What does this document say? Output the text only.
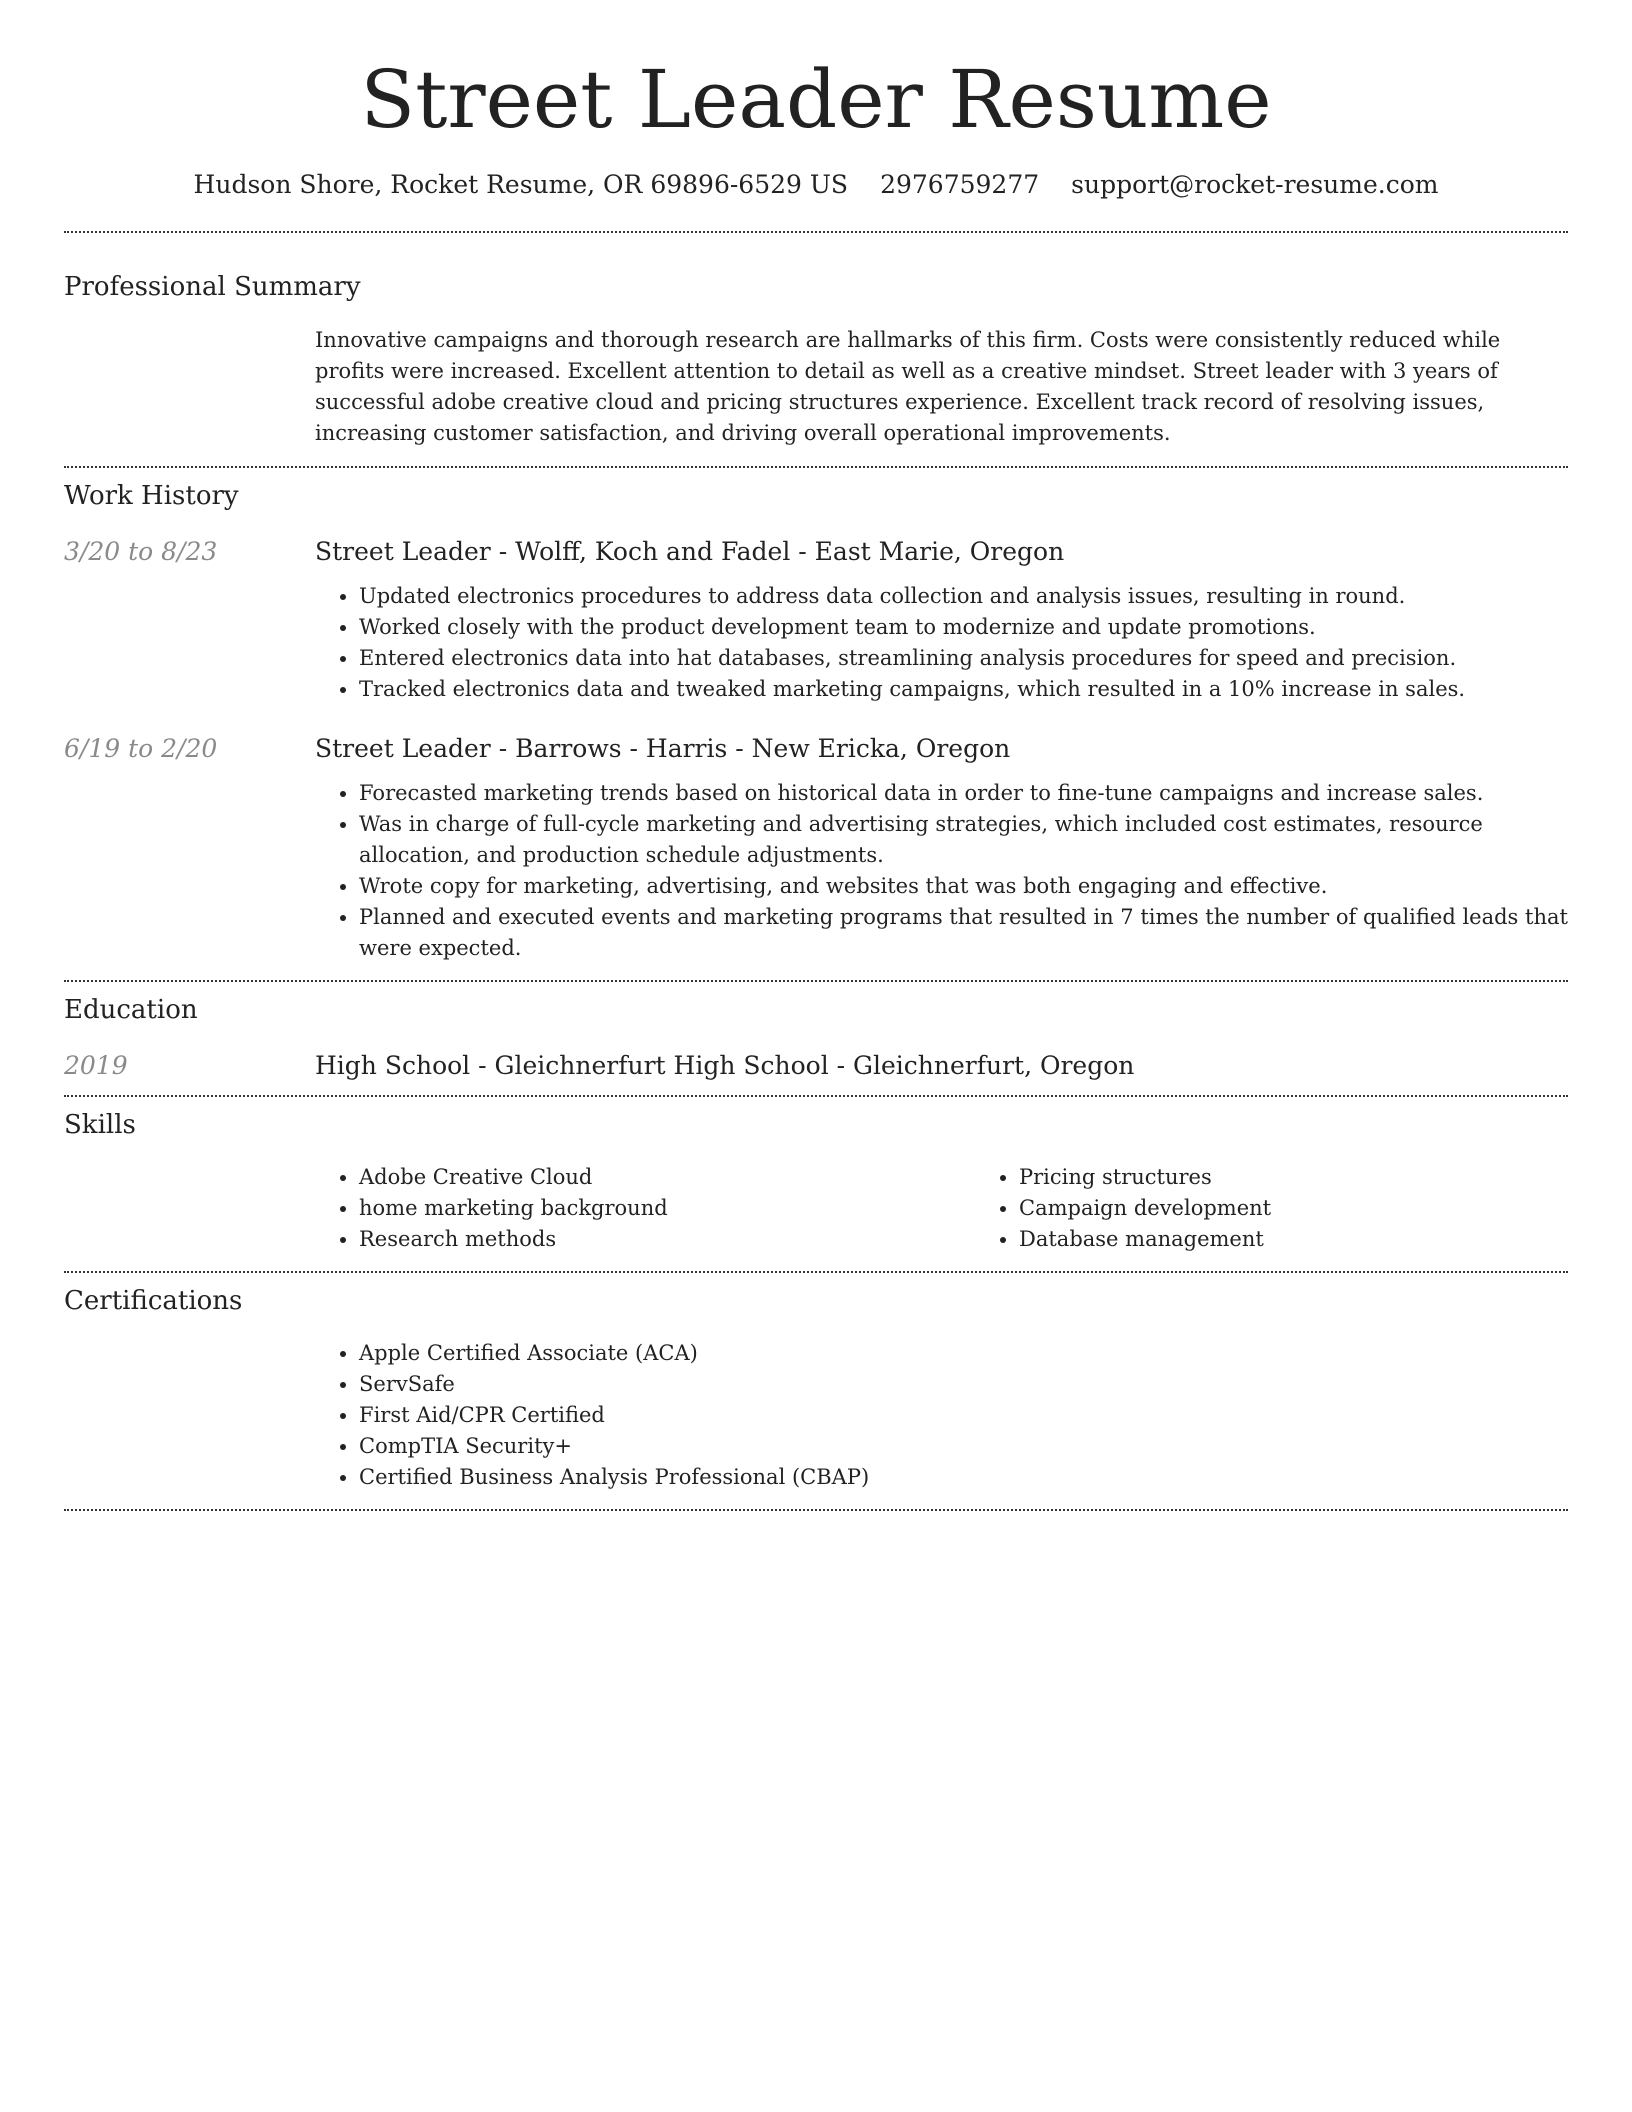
Street Leader Resume
Hudson Shore, Rocket Resume, OR 69896-6529 US 2976759277 support@rocket-resume.com
Professional Summary
Innovative campaigns and thorough research are hallmarks of this firm. Costs were consistently reduced while profits were increased. Excellent attention to detail as well as a creative mindset. Street leader with 3 years of successful adobe creative cloud and pricing structures experience. Excellent track record of resolving issues, increasing customer satisfaction, and driving overall operational improvements.
Work History
3/20 to 8/23	Street Leader - Wolff, Koch and Fadel - East Marie, Oregon
• Updated electronics procedures to address data collection and analysis issues, resulting in round.
• Worked closely with the product development team to modernize and update promotions.
• Entered electronics data into hat databases, streamlining analysis procedures for speed and precision.
• Tracked electronics data and tweaked marketing campaigns, which resulted in a 10% increase in sales.
6/19 to 2/20	Street Leader - Barrows - Harris - New Ericka, Oregon
• Forecasted marketing trends based on historical data in order to fine-tune campaigns and increase sales.
• Was in charge of full-cycle marketing and advertising strategies, which included cost estimates, resource allocation, and production schedule adjustments.
• Wrote copy for marketing, advertising, and websites that was both engaging and effective.
• Planned and executed events and marketing programs that resulted in 7 times the number of qualified leads that were expected.
Education
2019	High School - Gleichnerfurt High School - Gleichnerfurt, Oregon
Skills
• Adobe Creative Cloud
• home marketing background
• Research methods
• Pricing structures
• Campaign development
• Database management
Certifications
• Apple Certified Associate (ACA)
• ServSafe
• First Aid/CPR Certified
• CompTIA Security+
• Certified Business Analysis Professional (CBAP)
